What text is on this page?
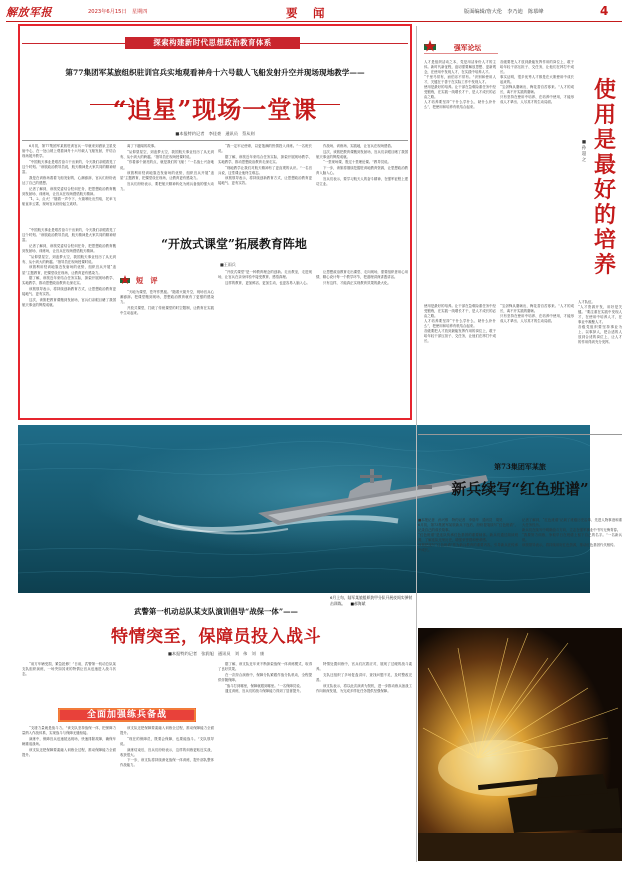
解放军报	2023年6月15日　星期四	要　闻	版面编辑/詹大伦　李乃迪　陈慕峰	4
探索构建新时代思想政治教育体系
第77集团军某旅组织驻训官兵实地观看神舟十六号载人飞船发射升空并现场现地教学——
“追星”现场一堂课
■本报特约记者　李佳豪　通讯员　蔡从则

6月初，第77集团军某旅驻训官兵一早就来到酒泉卫星发射中心，在一处山坡上观看神舟十六号载人飞船发射，并结合现场展开教学。

“中国航天事业是艰苦奋斗干出来的，今天我们亲眼看见了这个时刻。”该旅政治教导员说，航天精神是大家共同的精神财富。

我是在训练场看着飞船发射的，心潮澎湃，官兵们纷纷表达了自己的感想。

记者了解到，该旅党委结合驻训任务，把思想政治教育搬到发射场、训练场，让官兵在现场感悟航天精神。

“1、2、点火！”随着一声令下，火箭喷吐出烈焰，托举飞船直冲云霄，现场官兵纷纷起立欢呼。

离了下趣闻的故事。

“从仰望星空，到追梦太空，我国航天事业经历了从无到有、从小到大的跨越。”指导员在现场授课时说。

“你看那个最亮的点，就是我们的飞船！”一名战士兴奋地说。

该旅利用驻训地靠近发射场的优势，组织官兵开展“追星”主题教育，把课堂设在现场，让教育更有感染力。

官兵们纷纷表示，要把航天精神转化为练兵备战的强大动力。

“我一定牢记使命，以更饱满的热情投入训练。”一名班长说。

据了解，该旅近年来结合任务实际，探索开展现场教学、实地教学，推动思想政治教育走深走实。

“现地教学让我们对航天精神有了更直观的认识。”一名官兵说，这堂课让他终生难忘。

该旅领导表示，将持续创新教育方式，让思想政治教育更接地气、更有实效。

作战场、训练场、实践地，让官兵在现场感悟。

这次，该旅把教育课搬到发射场，官兵们亲眼目睹了我国航天事业的辉煌成就。

“一堂现场课，胜过十堂理论课。”教导员说。

下一步，该旅将继续挖掘驻训地教育资源，让思想政治教育入脑入心。

官兵们表示，要学习航天人的奋斗精神，在强军征程上建功立业。

“中国航天事业是艰苦奋斗干出来的，今天我们亲眼看见了这个时刻。”该旅政治教导员说，航天精神是大家共同的精神财富。

记者了解到，该旅党委结合驻训任务，把思想政治教育搬到发射场、训练场，让官兵在现场感悟航天精神。

“从仰望星空，到追梦太空，我国航天事业经历了从无到有、从小到大的跨越。”指导员在现场授课时说。

该旅利用驻训地靠近发射场的优势，组织官兵开展“追星”主题教育，把课堂设在现场，让教育更有感染力。

据了解，该旅近年来结合任务实际，探索开展现场教学、实地教学，推动思想政治教育走深走实。

该旅领导表示，将持续创新教育方式，让思想政治教育更接地气、更有实效。

这次，该旅把教育课搬到发射场，官兵们亲眼目睹了我国航天事业的辉煌成就。

“开放式课堂”拓展教育阵地
■王雨兵
短　评

“天地为课堂，苍穹作黑板。”随着火箭升空，现场官兵心潮澎湃。把课堂搬到现场，思想政治教育就有了更强的感染力。

开放式课堂，打破了传统课堂的时空限制，让教育在实践中生动起来。

“开放式课堂”是一种教育理念的创新。走出教室，走进现场，让官兵在亲身体验中接受教育、感悟真理。

这样的教育，更加鲜活、更加生动，也更容易入脑入心。

让思想政治教育走出课堂、走向现场，需要组织者用心用情，精心设计每一个教学环节，把道理讲深讲透讲活。

只有这样，才能真正实现教育效果的最大化。

强军论坛
使用是最好的培养
■孙超之

人才是组织活动之本，党是用活身份人才的主体。新时代新征程，迫切需要解放思想、更新观念，在使用中发现人才，在实践中培养人才。

“千里马常有，而伯乐不常有。”识别和使用人才，关键在于善于在实际工作中发现人才。

使用是最好的培养。让干部在急难险重任务中经受锻炼，在实践一线增长才干，是人才成长的必由之路。

人才培养要坚持“干什么学什么、缺什么补什么”，把使用和培养有机结合起来。

各级要把人才放到最能发挥作用的岗位上，敢于给年轻干部压担子、交任务，让他们在摔打中成长。

事实证明，很多优秀人才都是在大胆使用中成长起来的。

“宝剑锋从磨砺出，梅花香自苦寒来。”人才的成长，离不开实践的磨砺。

只有坚持在使用中培养、在培养中使用，才能形成人才辈出、人尽其才的生动局面。

使用是最好的培养。让干部在急难险重任务中经受锻炼，在实践一线增长才干，是人才成长的必由之路。

人才培养要坚持“干什么学什么、缺什么补什么”，把使用和培养有机结合起来。

各级要把人才放到最能发挥作用的岗位上，敢于给年轻干部压担子、交任务，让他们在摔打中成长。

“宝剑锋从磨砺出，梅花香自苦寒来。”人才的成长，离不开实践的磨砺。

只有坚持在使用中培养、在培养中使用，才能形成人才辈出、人尽其才的生动局面。

人才队伍。

“人才资源开发，用好是关键。”要注重在实践中发现人才，在使用中培养人才，在事业中凝聚人才。

各级党组织要坚持事业为上、以事择人，把合适的人放到合适的岗位上，让人才的作用得到充分发挥。

第73集团军某旅
新兵续写“红色班谱”

■本报记者　孙兴维　特约记者　李瑞华　通讯员　胡昊

6月初，第73集团军某旅新兵下连后，纷纷提笔续写“红色班谱”，记录自己的成长故事。

“红色班谱”是连队传承红色基因的重要载体。新兵们通过阅读班谱，了解连队光荣历史，增强荣誉感和使命感。

该旅把续写“红色班谱”作为新兵教育的重要内容，引导新兵在传承中成长。

记者了解到，“红色班谱”记载了班级历史沿革、先进人物事迹和重大任务经历。

新兵们在续写中明确奋斗方向，立志在强军事业中书写无悔青春。

“我要努力训练，争取早日在班谱上留下自己的名字。”一名新兵说。

该旅领导表示，将持续用好红色资源，推动红色基因代代相传。

6月上旬，陆军某旅组织装甲分队开展夜间实弹射击训练。 ■郝海斌
武警第一机动总队某支队演训倡导“战保一体”——
特情突至，保障员投入战斗
■本报特约记者　张润旭　通讯员　刘　伟　刘　康

“前方车辆受损，紧急抢修！”日前，武警第一机动总队某支队组织演练，一场突如其来的特情让官兵迅速进入战斗状态。

全面加强练兵备战

“支援力量就是战斗力。”该支队坚持战保一体，把保障力量纳入作战体系，实现战斗与保障无缝衔接。

演练中，保障官兵迅速抵达现场，快速排除故障，确保车辆重返战场。

该支队还把保障要素融入训练全过程，推动保障能力全面提升。

该支队还把保障要素融入训练全过程，推动保障能力全面提升。

“现在的保障员，既要会保障，也要能战斗。”支队领导说。

演练结束后，官兵们纷纷表示，这样的训练更贴近实战，收获很大。

下一步，该支队将持续深化战保一体训练，提升部队整体作战能力。

据了解，该支队近年来不断探索战保一体训练模式，取得了良好效果。

在一次综合演练中，保障分队紧跟作战分队机动，全程提供伴随保障。

“战斗打到哪里，保障就跟到哪里。”一名保障员说。

通过训练，官兵们的战斗保障能力得到了显著提升。

特情处置训练中，官兵们沉着应对，展现了过硬的战斗素养。

支队还组织了多场复盘讲评，查找问题不足，及时整改完善。

该支队表示，将以此次演训为契机，进一步推动练兵备战工作向纵深发展，为完成多样化任务提供坚强保障。
